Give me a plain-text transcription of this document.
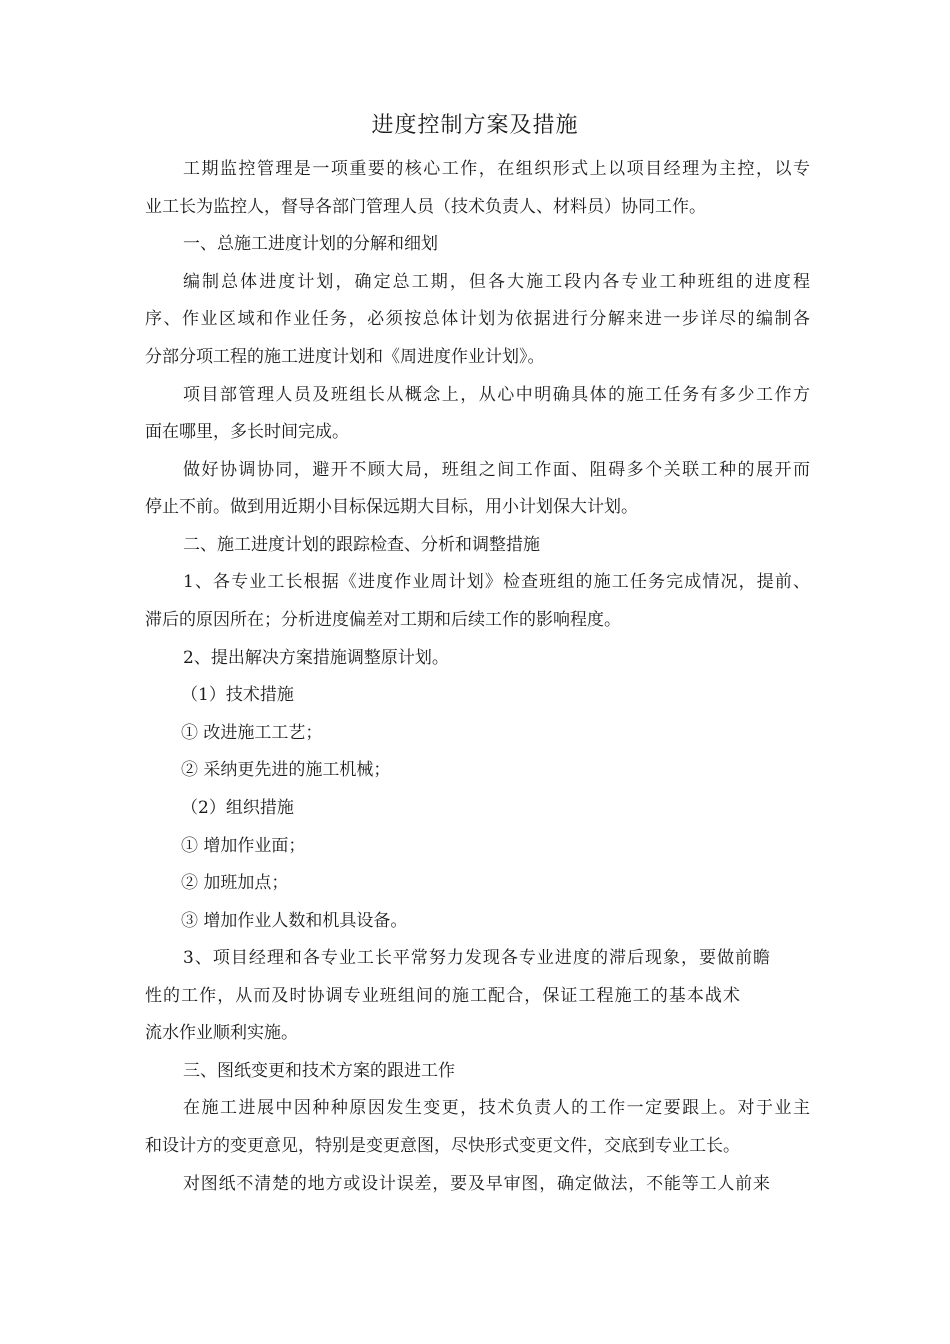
进度控制方案及措施
工期监控管理是一项重要的核心工作，在组织形式上以项目经理为主控，以专
业工长为监控人，督导各部门管理人员（技术负责人、材料员）协同工作。
一、总施工进度计划的分解和细划
编制总体进度计划，确定总工期，但各大施工段内各专业工种班组的进度程
序、作业区域和作业任务，必须按总体计划为依据进行分解来进一步详尽的编制各
分部分项工程的施工进度计划和《周进度作业计划》。
项目部管理人员及班组长从概念上，从心中明确具体的施工任务有多少工作方
面在哪里，多长时间完成。
做好协调协同，避开不顾大局，班组之间工作面、阻碍多个关联工种的展开而
停止不前。做到用近期小目标保远期大目标，用小计划保大计划。
二、施工进度计划的跟踪检查、分析和调整措施
1、各专业工长根据《进度作业周计划》检查班组的施工任务完成情况，提前、
滞后的原因所在；分析进度偏差对工期和后续工作的影响程度。
2、提出解决方案措施调整原计划。
（1）技术措施
① 改进施工工艺；
② 采纳更先进的施工机械；
（2）组织措施
① 增加作业面；
② 加班加点；
③ 增加作业人数和机具设备。
3、项目经理和各专业工长平常努力发现各专业进度的滞后现象，要做前瞻
性的工作，从而及时协调专业班组间的施工配合，保证工程施工的基本战术
流水作业顺利实施。
三、图纸变更和技术方案的跟进工作
在施工进展中因种种原因发生变更，技术负责人的工作一定要跟上。对于业主
和设计方的变更意见，特别是变更意图，尽快形式变更文件，交底到专业工长。
对图纸不清楚的地方或设计误差，要及早审图，确定做法，不能等工人前来
